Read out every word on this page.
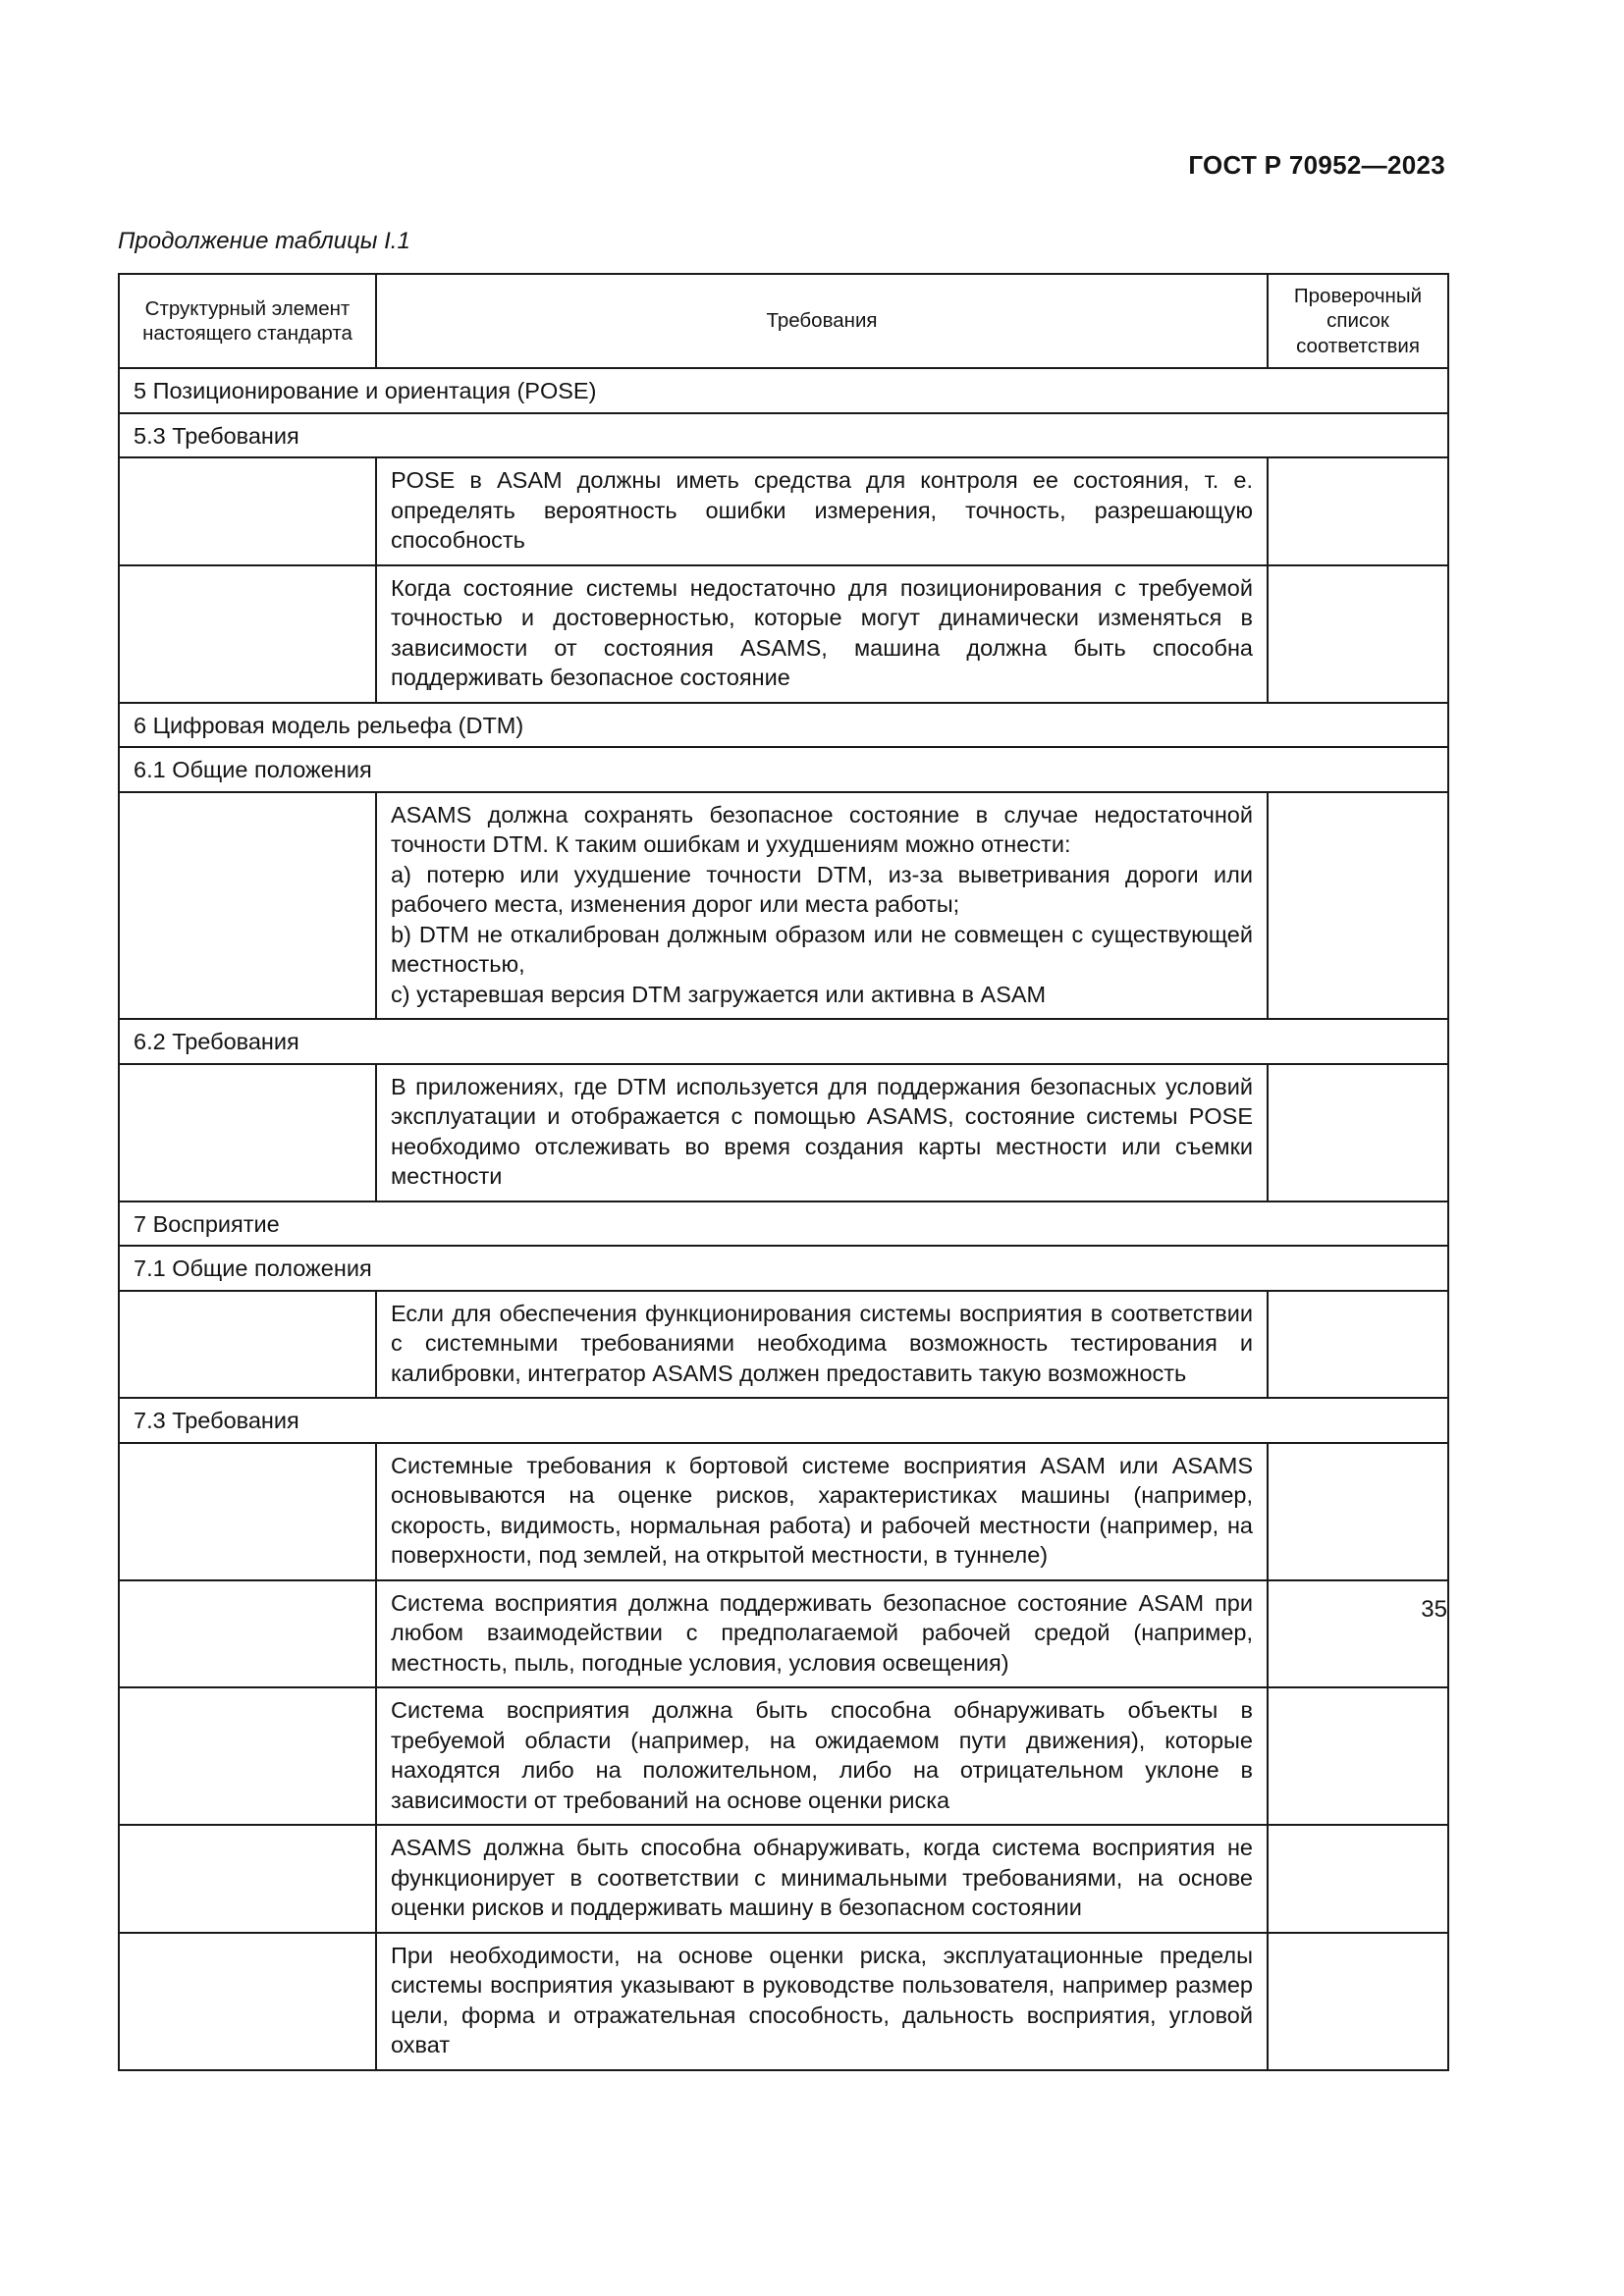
ГОСТ Р 70952—2023
Продолжение таблицы I.1
Структурный элемент настоящего стандарта	Требования	Проверочный список соответствия
5 Позиционирование и ориентация (POSE)		
5.3 Требования		
	POSE в ASAM должны иметь средства для контроля ее состояния, т. е. определять вероятность ошибки измерения, точность, разрешающую способность	
	Когда состояние системы недостаточно для позиционирования с требуемой точностью и достоверностью, которые могут динамически изменяться в зависимости от состояния ASAMS, машина должна быть способна поддерживать безопасное состояние	
6 Цифровая модель рельефа (DTM)		
6.1 Общие положения		
	ASAMS должна сохранять безопасное состояние в случае недостаточной точности DTM. К таким ошибкам и ухудшениям можно отнести:
а) потерю или ухудшение точности DTM, из-за выветривания дороги или рабочего места, изменения дорог или места работы;
b) DTM не откалиброван должным образом или не совмещен с существующей местностью,
c) устаревшая версия DTM загружается или активна в ASAM	
6.2 Требования		
	В приложениях, где DTM используется для поддержания безопасных условий эксплуатации и отображается с помощью ASAMS, состояние системы POSE необходимо отслеживать во время создания карты местности или съемки местности	
7 Восприятие		
7.1 Общие положения		
	Если для обеспечения функционирования системы восприятия в соответствии с системными требованиями необходима возможность тестирования и калибровки, интегратор ASAMS должен предоставить такую возможность	
7.3 Требования		
	Системные требования к бортовой системе восприятия ASAM или ASAMS основываются на оценке рисков, характеристиках машины (например, скорость, видимость, нормальная работа) и рабочей местности (например, на поверхности, под землей, на открытой местности, в туннеле)	
	Система восприятия должна поддерживать безопасное состояние ASAM при любом взаимодействии с предполагаемой рабочей средой (например, местность, пыль, погодные условия, условия освещения)	
	Система восприятия должна быть способна обнаруживать объекты в требуемой области (например, на ожидаемом пути движения), которые находятся либо на положительном, либо на отрицательном уклоне в зависимости от требований на основе оценки риска	
	ASAMS должна быть способна обнаруживать, когда система восприятия не функционирует в соответствии с минимальными требованиями, на основе оценки рисков и поддерживать машину в безопасном состоянии	
	При необходимости, на основе оценки риска, эксплуатационные пределы системы восприятия указывают в руководстве пользователя, например размер цели, форма и отражательная способность, дальность восприятия, угловой охват	
35
